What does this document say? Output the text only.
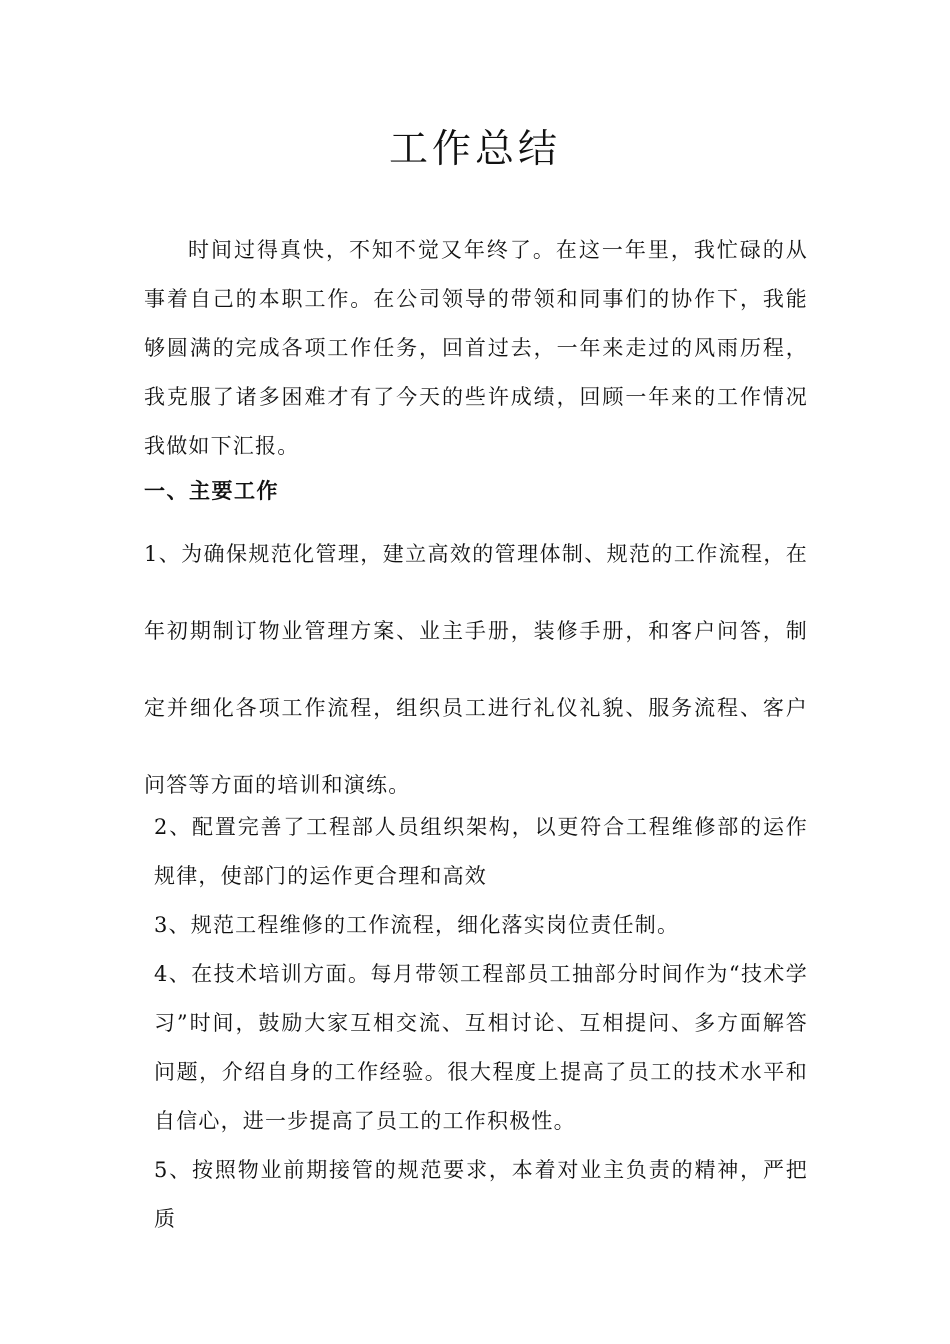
工作总结

时间过得真快，不知不觉又年终了。在这一年里，我忙碌的从事着自己的本职工作。在公司领导的带领和同事们的协作下，我能够圆满的完成各项工作任务，回首过去，一年来走过的风雨历程，我克服了诸多困难才有了今天的些许成绩，回顾一年来的工作情况我做如下汇报。

一、主要工作

1、为确保规范化管理，建立高效的管理体制、规范的工作流程，在年初期制订物业管理方案、业主手册，装修手册，和客户问答，制定并细化各项工作流程，组织员工进行礼仪礼貌、服务流程、客户问答等方面的培训和演练。

2、配置完善了工程部人员组织架构，以更符合工程维修部的运作规律，使部门的运作更合理和高效

3、规范工程维修的工作流程，细化落实岗位责任制。

4、在技术培训方面。每月带领工程部员工抽部分时间作为“技术学习”时间，鼓励大家互相交流、互相讨论、互相提问、多方面解答问题，介绍自身的工作经验。很大程度上提高了员工的技术水平和自信心，进一步提高了员工的工作积极性。

5、按照物业前期接管的规范要求，本着对业主负责的精神，严把质
